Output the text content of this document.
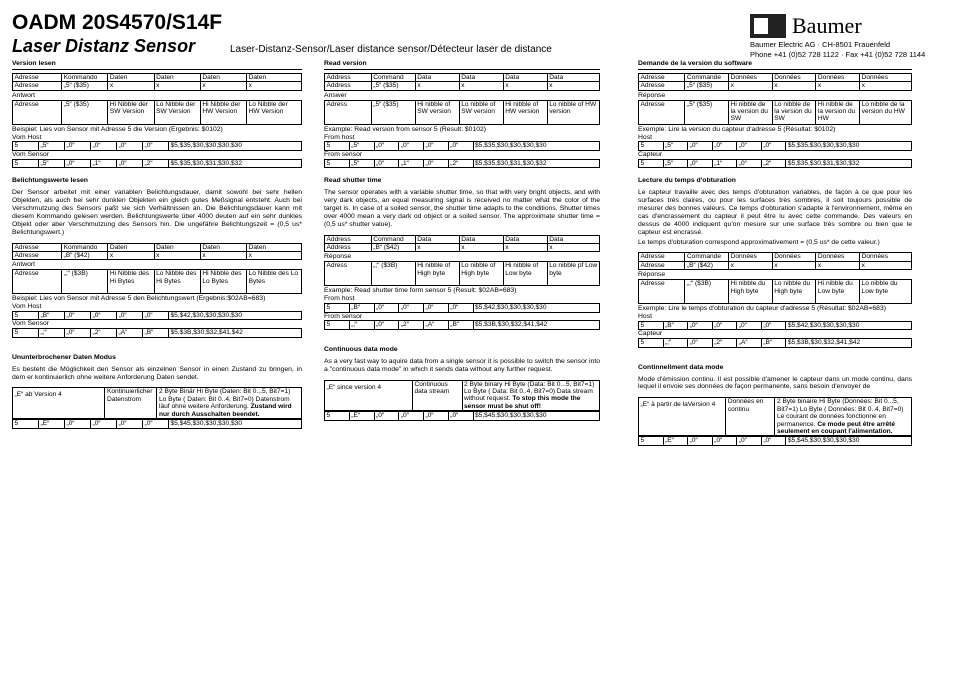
OADM 20S4570/S14F
Laser Distanz Sensor	Laser-Distanz-Sensor/Laser distance sensor/Détecteur laser de distance
Baumer
Baumer Electric AG · CH-8501 Frauenfeld
Phone +41 (0)52 728 1122 · Fax +41 (0)52 728 1144
Version lesen
Adresse	Kommando	Daten	Daten	Daten	Daten
Adresse	„5“ ($35)	x	x	x	x
Antwort
Adresse	„5“ ($35)	Hi Nibble der SW Version	Lo Nibble der SW Version	Hi Nibble der HW Version	Lo Nibble der HW Version
Beispiel: Lies von Sensor mit Adresse 5 die Version (Ergebnis: $0102)
Vom Host
5	„5“	„0“	„0“	„0“	„0“	$5,$35,$30,$30,$30,$30
Vom Sensor
5	„5“	„0“	„1“	„0“	„2“	$5,$35,$30,$31,$30,$32
Belichtungswerte lesen
Der Sensor arbeitet mit einer variablen Belichtungsdauer, damit sowohl bei sehr hellen Objekten, als auch bei sehr dunklen Objekten ein gleich gutes Meßsignal entsteht. Auch bei Verschmutzung des Sensors paßt sie sich Verhältnissen an. Die Belichtungsdauer kann mit diesem Kommando gelesen werden. Belichtungswerte über 4000 deuten auf ein sehr dunkles Objekt oder aber Verschmutzung des Sensors hin. Die ungefähre Belichtungszeit = (0,5 us* Belichtungswert.)
Adresse	Kommando	Daten	Daten	Daten	Daten
Adresse	„B“ ($42)	x	x	x	x
Antwort
Adresse	„;“ ($3B)	Hi Nibble des Hi Bytes	Lo Nibble des Hi Bytes	Hi Nibble des Lo Bytes	Lo Nibble des Lo Bytes
Beispiel: Lies von Sensor mit Adresse 5 den Belichtungswert (Ergebnis:$02AB=683)
Vom Host
5	„B“	„0“	„0“	„0“	„0“	$5,$42,$30,$30,$30,$30
Vom Sensor
5	„;“	„0“	„2“	„A“	„B“	$5,$3B,$30,$32,$41,$42
Ununterbrochener Daten Modus
Es besteht die Möglichkeit den Sensor als einzelnen Sensor in einen Zustand zu bringen, in dem er kontinuierlich ohne weitere Anforderung Daten sendet.
„E“ ab Version 4	Kontinuierlicher Datenstrom	2 Byte Binär Hi Byte (Daten: Bit 0...5, Bit7=1) Lo Byte ( Daten: Bit 0..4, Bit7=0) Datenstrom läuf ohne weitere Anforderung. Zustand wird nur durch Ausschalten beendet.
5	„E“	„0“	„0“	„0“	„0“	$5,$45,$30,$30,$30,$30
Read version
Address	Command	Data	Data	Data	Data
Address	„5“ ($35)	x	x	x	x
Answer
Adress	„5“ ($35)	Hi nibble of SW version	Lo nibble of SW version	Hi nibble of HW version	Lo nibble of HW version
Example: Read version from sensor 5 (Result: $0102)
From host
5	„5“	„0“	„0“	„0“	„0“	$5,$35,$30,$30,$30,$30
From sensor
5	„5“	„0“	„1“	„0“	„2“	$5,$35,$30,$31,$30,$32
Read shutter time
The sensor operates with a variable shutter time, so that with very bright objects, and with very dark objects, an equal measuring signal is received no matter what the color of the target is. In case of a soiled sensor, the shutter time adapts to the conditions. Shutter times over 4000 mean a very dark od object or a soiled sensor. The approximate shutter time = (0,5 us* shutter value).
Address	Command	Data	Data	Data	Data
Address	„B“ ($42)	x	x	x	x
Réponse
Adress	„;“ ($3B)	Hi nibble of High byte	Lo nibble of High byte	Hi nibble of Low byte	Lo nibble pf Low byte
Example: Read shutter time form sensor 5 (Result: $02AB=683)
From host
5	„B“	„0“	„0“	„0“	„0“	$5,$42,$30,$30,$30,$30
From sensor
5	„;“	„0“	„2“	„A“	„B“	$5,$3B,$30,$32,$41,$42
Continuous data mode
As a very fast way to aquire data from a single sensor it is possible to switch the sensor into a "continuous data mode" in which it sends data without any further request.
„E“ since version 4	Continuous data stream	2 Byte binary Hi Byte (Data: Bit 0...5, Bit7=1) Lo Byte ( Data: Bit 0..4, Bit7=0) Data stream without request. To stop this mode the sensor must be shut off!
5	„E“	„0“	„0“	„0“	„0“	$5,$45,$30,$30,$30,$30
Demande de la version du software
Adresse	Commande	Données	Données	Données	Données
Adresse	„5“ ($35)	x	x	x	x
Réponse
Adresse	„5“ ($35)	Hi nibble de la version du SW	Lo nibble de la version du SW	Hi nibble de la version du HW	Lo nibble de la version du HW
Exemple: Lire la version du capteur d'adresse 5 (Résultat: $0102)
Host
5	„5“	„0“	„0“	„0“	„0“	$5,$35,$30,$30,$30,$30
Capteur
5	„5“	„0“	„1“	„0“	„2“	$5,$35,$30,$31,$30,$32
Lecture du temps d'obturation
Le capteur travaille avec des temps d'obturation variables, de façon à ce que pour les surfaces très claires, ou pour les surfaces très sombres, il soit toujours possible de mesurer des bonnes valeurs. Ce temps d'obturation s'adapte à l'environnement, même en cas d'encrassement du capteur il peut être lu avec cette commande. Des valeurs en dessus de 4000 indiquent qu'on mesure sur une surface très sombre ou bien que le capteur est encrassé.
Le temps d'obturation correspond approximativement = (0,5 us* de cette valeur.)
Adresse	Commande	Données	Données	Données	Données
Adresse	„B“ ($42)	x	x	x	x
Réponse
Adresse	„;“ ($3B)	Hi nibble du High byte	Lo nibble du High byte	Hi nibble du Low byte	Lo nibble du Low byte
Exemple: Lire le temps d'obturation du capteur d'adresse 5 (Résultat: $02AB=683)
Host
5	„B“	„0“	„0“	„0“	„0“	$5,$42,$30,$30,$30,$30
Capteur
5	„;“	„0“	„2“	„A“	„B“	$5,$3B,$30,$32,$41,$42
Continnellment data mode
Mode d'émission continu. Il est possible d'amener le capteur dans un mode continu, dans lequel il envoie ses données de façon permanente, sans besoin d'envoyer de
„E“ à partir de laVersion 4	Données en continu	2 Byte binaire Hi Byte (Données: Bit 0...5, Bit7=1) Lo Byte ( Données: Bit 0..4, Bit7=0) Le courant de données fonctionne en permanence. Ce mode peut être arrêté seulement en coupant l'alimentation.
5	„E“	„0“	„0“	„0“	„0“	$5,$45,$30,$30,$30,$30
